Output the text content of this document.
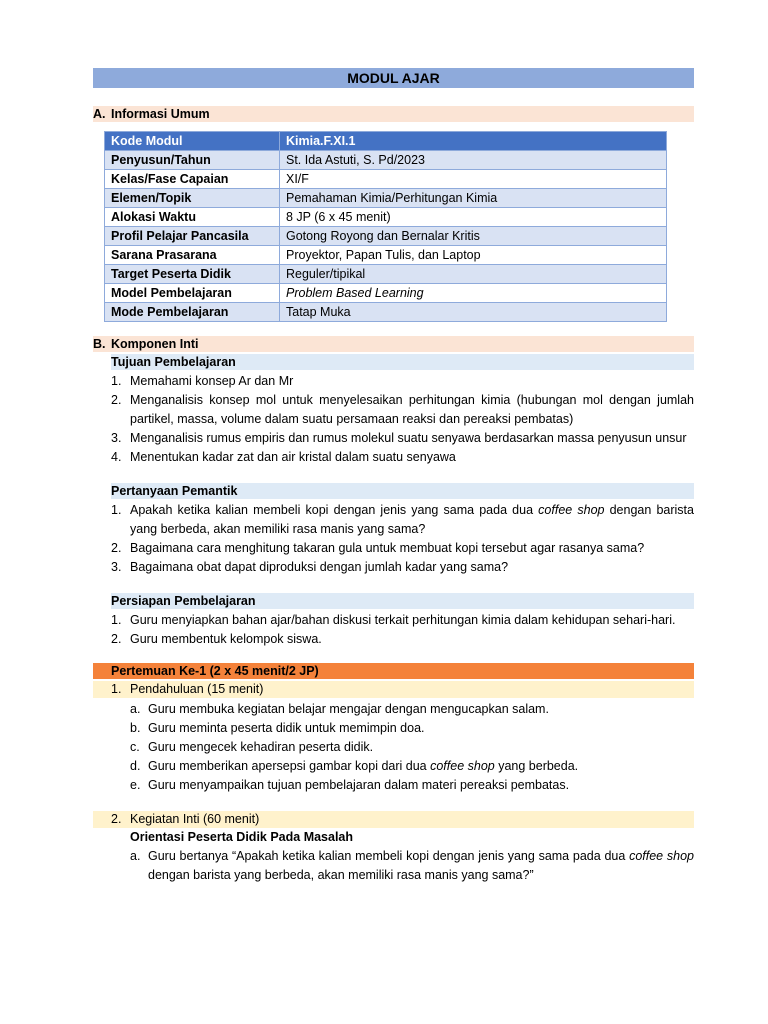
MODUL AJAR
A. Informasi Umum
Kode Modul	Kimia.F.XI.1
Penyusun/Tahun	St. Ida Astuti, S. Pd/2023
Kelas/Fase Capaian	XI/F
Elemen/Topik	Pemahaman Kimia/Perhitungan Kimia
Alokasi Waktu	8 JP (6 x 45 menit)
Profil Pelajar Pancasila	Gotong Royong dan Bernalar Kritis
Sarana Prasarana	Proyektor, Papan Tulis, dan Laptop
Target Peserta Didik	Reguler/tipikal
Model Pembelajaran	Problem Based Learning
Mode Pembelajaran	Tatap Muka
B. Komponen Inti
Tujuan Pembelajaran
1. Memahami konsep Ar dan Mr
2. Menganalisis konsep mol untuk menyelesaikan perhitungan kimia (hubungan mol dengan jumlah partikel, massa, volume dalam suatu persamaan reaksi dan pereaksi pembatas)
3. Menganalisis rumus empiris dan rumus molekul suatu senyawa berdasarkan massa penyusun unsur
4. Menentukan kadar zat dan air kristal dalam suatu senyawa
Pertanyaan Pemantik
1. Apakah ketika kalian membeli kopi dengan jenis yang sama pada dua coffee shop dengan barista yang berbeda, akan memiliki rasa manis yang sama?
2. Bagaimana cara menghitung takaran gula untuk membuat kopi tersebut agar rasanya sama?
3. Bagaimana obat dapat diproduksi dengan jumlah kadar yang sama?
Persiapan Pembelajaran
1. Guru menyiapkan bahan ajar/bahan diskusi terkait perhitungan kimia dalam kehidupan sehari-hari.
2. Guru membentuk kelompok siswa.
Pertemuan Ke-1 (2 x 45 menit/2 JP)
1. Pendahuluan (15 menit)
a. Guru membuka kegiatan belajar mengajar dengan mengucapkan salam.
b. Guru meminta peserta didik untuk memimpin doa.
c. Guru mengecek kehadiran peserta didik.
d. Guru memberikan apersepsi gambar kopi dari dua coffee shop yang berbeda.
e. Guru menyampaikan tujuan pembelajaran dalam materi pereaksi pembatas.
2. Kegiatan Inti (60 menit)
Orientasi Peserta Didik Pada Masalah
a. Guru bertanya “Apakah ketika kalian membeli kopi dengan jenis yang sama pada dua coffee shop dengan barista yang berbeda, akan memiliki rasa manis yang sama?”
